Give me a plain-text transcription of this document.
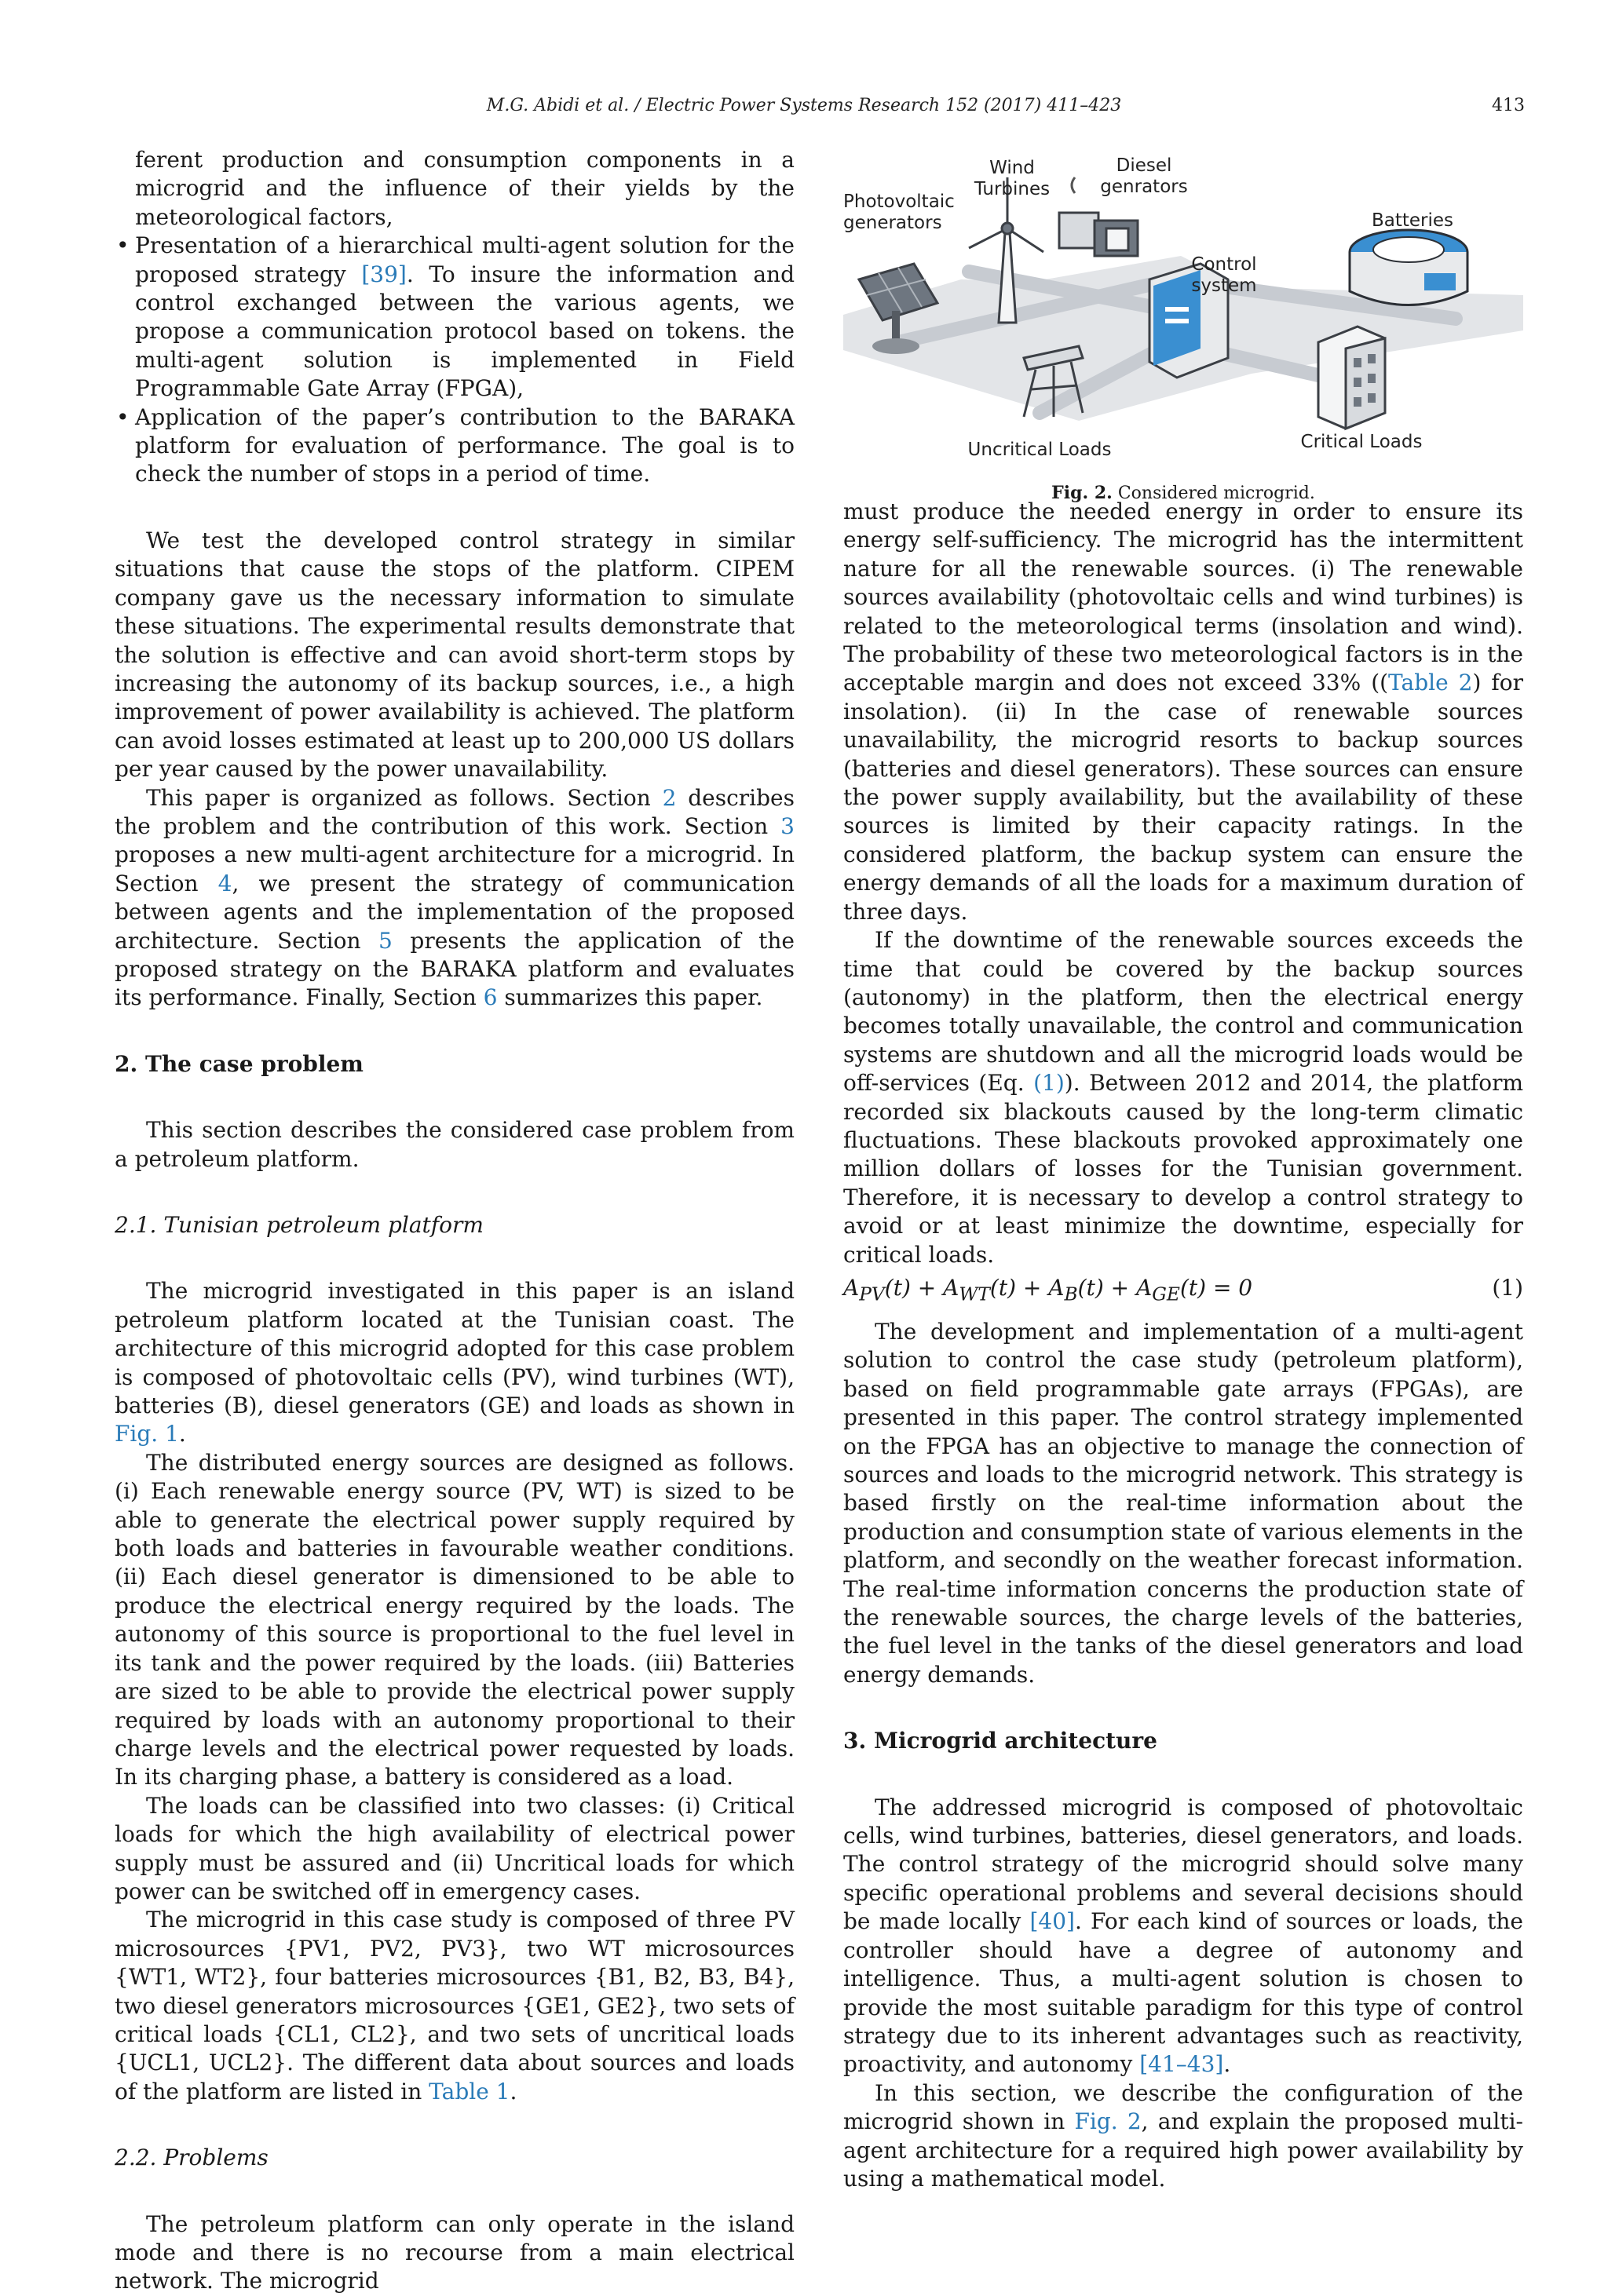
M.G. Abidi et al. / Electric Power Systems Research 152 (2017) 411–423	413

ferent production and consumption components in a microgrid and the influence of their yields by the meteorological factors,

• Presentation of a hierarchical multi-agent solution for the proposed strategy [39]. To insure the information and control exchanged between the various agents, we propose a communication protocol based on tokens. the multi-agent solution is implemented in Field Programmable Gate Array (FPGA),
• Application of the paper’s contribution to the BARAKA platform for evaluation of performance. The goal is to check the number of stops in a period of time.

We test the developed control strategy in similar situations that cause the stops of the platform. CIPEM company gave us the necessary information to simulate these situations. The experimental results demonstrate that the solution is effective and can avoid short-term stops by increasing the autonomy of its backup sources, i.e., a high improvement of power availability is achieved. The platform can avoid losses estimated at least up to 200,000 US dollars per year caused by the power unavailability.

This paper is organized as follows. Section 2 describes the problem and the contribution of this work. Section 3 proposes a new multi-agent architecture for a microgrid. In Section 4, we present the strategy of communication between agents and the implementation of the proposed architecture. Section 5 presents the application of the proposed strategy on the BARAKA platform and evaluates its performance. Finally, Section 6 summarizes this paper.

2. The case problem

This section describes the considered case problem from a petroleum platform.

2.1. Tunisian petroleum platform

The microgrid investigated in this paper is an island petroleum platform located at the Tunisian coast. The architecture of this microgrid adopted for this case problem is composed of photovoltaic cells (PV), wind turbines (WT), batteries (B), diesel generators (GE) and loads as shown in Fig. 1.

The distributed energy sources are designed as follows. (i) Each renewable energy source (PV, WT) is sized to be able to generate the electrical power supply required by both loads and batteries in favourable weather conditions. (ii) Each diesel generator is dimensioned to be able to produce the electrical energy required by the loads. The autonomy of this source is proportional to the fuel level in its tank and the power required by the loads. (iii) Batteries are sized to be able to provide the electrical power supply required by loads with an autonomy proportional to their charge levels and the electrical power requested by loads. In its charging phase, a battery is considered as a load.

The loads can be classified into two classes: (i) Critical loads for which the high availability of electrical power supply must be assured and (ii) Uncritical loads for which power can be switched off in emergency cases.

The microgrid in this case study is composed of three PV microsources {PV1, PV2, PV3}, two WT microsources {WT1, WT2}, four batteries microsources {B1, B2, B3, B4}, two diesel generators microsources {GE1, GE2}, two sets of critical loads {CL1, CL2}, and two sets of uncritical loads {UCL1, UCL2}. The different data about sources and loads of the platform are listed in Table 1.

2.2. Problems

The petroleum platform can only operate in the island mode and there is no recourse from a main electrical network. The microgrid

Photovoltaic generators
Wind Turbines
Diesel genrators
Batteries
Control system
Uncritical Loads	Critical Loads
Fig. 2. Considered microgrid.

must produce the needed energy in order to ensure its energy self-sufficiency. The microgrid has the intermittent nature for all the renewable sources. (i) The renewable sources availability (photovoltaic cells and wind turbines) is related to the meteorological terms (insolation and wind). The probability of these two meteorological factors is in the acceptable margin and does not exceed 33% ((Table 2) for insolation). (ii) In the case of renewable sources unavailability, the microgrid resorts to backup sources (batteries and diesel generators). These sources can ensure the power supply availability, but the availability of these sources is limited by their capacity ratings. In the considered platform, the backup system can ensure the energy demands of all the loads for a maximum duration of three days.

If the downtime of the renewable sources exceeds the time that could be covered by the backup sources (autonomy) in the platform, then the electrical energy becomes totally unavailable, the control and communication systems are shutdown and all the microgrid loads would be off-services (Eq. (1)). Between 2012 and 2014, the platform recorded six blackouts caused by the long-term climatic fluctuations. These blackouts provoked approximately one million dollars of losses for the Tunisian government. Therefore, it is necessary to develop a control strategy to avoid or at least minimize the downtime, especially for critical loads.

$A_{PV}(t) + A_{WT}(t) + A_B(t) + A_{GE}(t) = 0$	(1)

The development and implementation of a multi-agent solution to control the case study (petroleum platform), based on field programmable gate arrays (FPGAs), are presented in this paper. The control strategy implemented on the FPGA has an objective to manage the connection of sources and loads to the microgrid network. This strategy is based firstly on the real-time information about the production and consumption state of various elements in the platform, and secondly on the weather forecast information. The real-time information concerns the production state of the renewable sources, the charge levels of the batteries, the fuel level in the tanks of the diesel generators and load energy demands.

3. Microgrid architecture

The addressed microgrid is composed of photovoltaic cells, wind turbines, batteries, diesel generators, and loads. The control strategy of the microgrid should solve many specific operational problems and several decisions should be made locally [40]. For each kind of sources or loads, the controller should have a degree of autonomy and intelligence. Thus, a multi-agent solution is chosen to provide the most suitable paradigm for this type of control strategy due to its inherent advantages such as reactivity, proactivity, and autonomy [41–43].

In this section, we describe the configuration of the microgrid shown in Fig. 2, and explain the proposed multi-agent architecture for a required high power availability by using a mathematical model.
